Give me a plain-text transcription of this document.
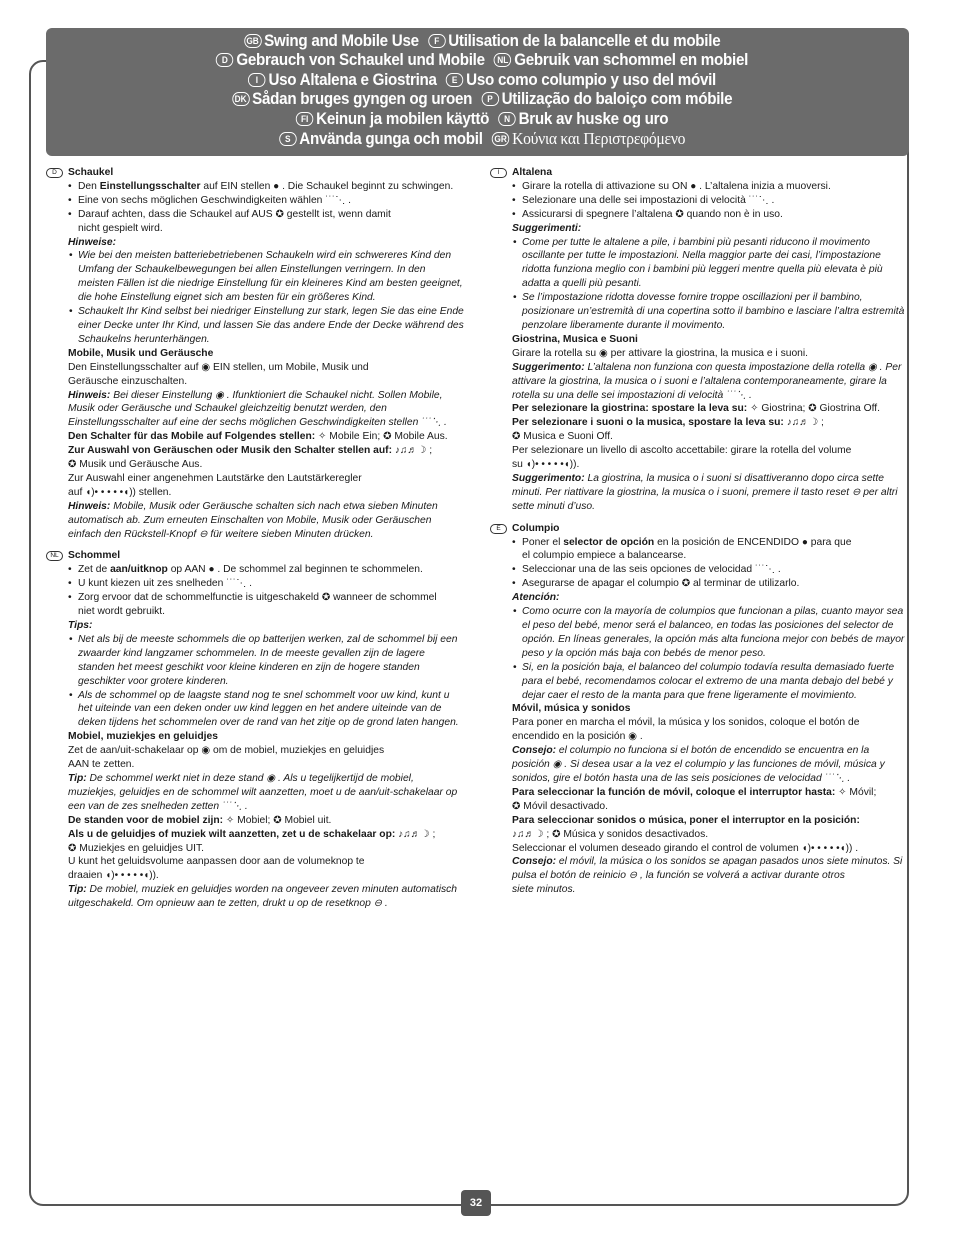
GB Swing and Mobile Use F Utilisation de la balancelle et du mobile
D Gebrauch von Schaukel und Mobile NL Gebruik van schommel en mobiel
I Uso Altalena e Giostrina E Uso como columpio y uso del móvil
DK Sådan bruges gyngen og uroen P Utilização do baloiço com móbile
FI Keinun ja mobilen käyttö N Bruk av huske og uro
S Använda gunga och mobil GR Κούνια και Περιστρεφόμενο
D Schaukel
• Den Einstellungsschalter auf EIN stellen ● . Die Schaukel beginnt zu schwingen.
• Eine von sechs möglichen Geschwindigkeiten wählen ˙˙˙⋱ .
• Darauf achten, dass die Schaukel auf AUS ✪ gestellt ist, wenn damit
nicht gespielt wird.
Hinweise:
• Wie bei den meisten batteriebetriebenen Schaukeln wird ein schwereres Kind den Umfang der Schaukelbewegungen bei allen Einstellungen verringern. In den meisten Fällen ist die niedrige Einstellung für ein kleineres Kind am besten geeignet, die hohe Einstellung eignet sich am besten für ein größeres Kind.
• Schaukelt Ihr Kind selbst bei niedriger Einstellung zur stark, legen Sie das eine Ende einer Decke unter Ihr Kind, und lassen Sie das andere Ende der Decke während des Schaukelns herunterhängen.
Mobile, Musik und Geräusche
Den Einstellungsschalter auf ◉ EIN stellen, um Mobile, Musik und
Geräusche einzuschalten.
Hinweis: Bei dieser Einstellung ◉ . Ifunktioniert die Schaukel nicht. Sollen Mobile, Musik oder Geräusche und Schaukel gleichzeitig benutzt werden, den Einstellungsschalter auf eine der sechs möglichen Geschwindigkeiten stellen ˙˙˙⋱ .
Den Schalter für das Mobile auf Folgendes stellen: ✧ Mobile Ein; ✪ Mobile Aus.
Zur Auswahl von Geräuschen oder Musik den Schalter stellen auf: ♪♫♬☽ ;
✪ Musik und Geräusche Aus.
Zur Auswahl einer angenehmen Lautstärke den Lautstärkeregler
auf ◖)• • • • •◖)) stellen.
Hinweis: Mobile, Musik oder Geräusche schalten sich nach etwa sieben Minuten automatisch ab. Zum erneuten Einschalten von Mobile, Musik oder Geräuschen einfach den Rückstell-Knopf ⊖ für weitere sieben Minuten drücken.
NL Schommel
• Zet de aan/uitknop op AAN ● . De schommel zal beginnen te schommelen.
• U kunt kiezen uit zes snelheden ˙˙˙⋱ .
• Zorg ervoor dat de schommelfunctie is uitgeschakeld ✪ wanneer de schommel
niet wordt gebruikt.
Tips:
• Net als bij de meeste schommels die op batterijen werken, zal de schommel bij een zwaarder kind langzamer schommelen. In de meeste gevallen zijn de lagere standen het meest geschikt voor kleine kinderen en zijn de hogere standen geschikter voor grotere kinderen.
• Als de schommel op de laagste stand nog te snel schommelt voor uw kind, kunt u het uiteinde van een deken onder uw kind leggen en het andere uiteinde van de deken tijdens het schommelen over de rand van het zitje op de grond laten hangen.
Mobiel, muziekjes en geluidjes
Zet de aan/uit-schakelaar op ◉ om de mobiel, muziekjes en geluidjes
AAN te zetten.
Tip: De schommel werkt niet in deze stand ◉ . Als u tegelijkertijd de mobiel, muziekjes, geluidjes en de schommel wilt aanzetten, moet u de aan/uit-schakelaar op een van de zes snelheden zetten ˙˙˙⋱ .
De standen voor de mobiel zijn: ✧ Mobiel; ✪ Mobiel uit.
Als u de geluidjes of muziek wilt aanzetten, zet u de schakelaar op: ♪♫♬☽ ;
✪ Muziekjes en geluidjes UIT.
U kunt het geluidsvolume aanpassen door aan de volumeknop te
draaien ◖)• • • • •◖)).
Tip: De mobiel, muziek en geluidjes worden na ongeveer zeven minuten automatisch uitgeschakeld. Om opnieuw aan te zetten, drukt u op de resetknop ⊖ .
I Altalena
• Girare la rotella di attivazione su ON ● . L’altalena inizia a muoversi.
• Selezionare una delle sei impostazioni di velocità ˙˙˙⋱ .
• Assicurarsi di spegnere l’altalena ✪ quando non è in uso.
Suggerimenti:
• Come per tutte le altalene a pile, i bambini più pesanti riducono il movimento oscillante per tutte le impostazioni. Nella maggior parte dei casi, l’impostazione ridotta funziona meglio con i bambini più leggeri mentre quella più elevata è più adatta a quelli più pesanti.
• Se l’impostazione ridotta dovesse fornire troppe oscillazioni per il bambino, posizionare un’estremità di una copertina sotto il bambino e lasciare l’altra estremità penzolare liberamente durante il movimento.
Giostrina, Musica e Suoni
Girare la rotella su ◉ per attivare la giostrina, la musica e i suoni.
Suggerimento: L’altalena non funziona con questa impostazione della rotella ◉ . Per attivare la giostrina, la musica o i suoni e l’altalena contemporaneamente, girare la rotella su una delle sei impostazioni di velocità ˙˙˙⋱ .
Per selezionare la giostrina: spostare la leva su: ✧ Giostrina; ✪ Giostrina Off.
Per selezionare i suoni o la musica, spostare la leva su: ♪♫♬☽ ;
✪ Musica e Suoni Off.
Per selezionare un livello di ascolto accettabile: girare la rotella del volume
su ◖)• • • • •◖)).
Suggerimento: La giostrina, la musica o i suoni si disattiveranno dopo circa sette minuti. Per riattivare la giostrina, la musica o i suoni, premere il tasto reset ⊖ per altri sette minuti d’uso.
E Columpio
• Poner el selector de opción en la posición de ENCENDIDO ● para que
el columpio empiece a balancearse.
• Seleccionar una de las seis opciones de velocidad ˙˙˙⋱ .
• Asegurarse de apagar el columpio ✪ al terminar de utilizarlo.
Atención:
• Como ocurre con la mayoría de columpios que funcionan a pilas, cuanto mayor sea el peso del bebé, menor será el balanceo, en todas las posiciones del selector de opción. En líneas generales, la opción más alta funciona mejor con bebés de mayor peso y la opción más baja con bebés de menor peso.
• Si, en la posición baja, el balanceo del columpio todavía resulta demasiado fuerte para el bebé, recomendamos colocar el extremo de una manta debajo del bebé y dejar caer el resto de la manta para que frene ligeramente el movimiento.
Móvil, música y sonidos
Para poner en marcha el móvil, la música y los sonidos, coloque el botón de
encendido en la posición ◉ .
Consejo: el columpio no funciona si el botón de encendido se encuentra en la posición ◉ . Si desea usar a la vez el columpio y las funciones de móvil, música y sonidos, gire el botón hasta una de las seis posiciones de velocidad ˙˙˙⋱ .
Para seleccionar la función de móvil, coloque el interruptor hasta: ✧ Móvil;
✪ Móvil desactivado.
Para seleccionar sonidos o música, poner el interruptor en la posición:
♪♫♬☽ ; ✪ Música y sonidos desactivados.
Seleccionar el volumen deseado girando el control de volumen ◖)• • • • •◖)) .
Consejo: el móvil, la música o los sonidos se apagan pasados unos siete minutos. Si pulsa el botón de reinicio ⊖ , la función se volverá a activar durante otros
siete minutos.
32
